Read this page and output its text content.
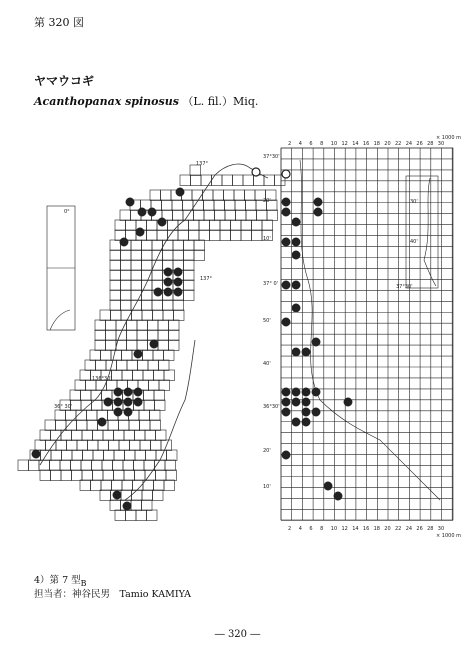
第 320 図
ヤマウコギ
Acanthopanax spinosus （L. fil.）Miq.
2 4 6 8 10 12 14 16 18 20 22 24 26 28 30
2 4 6 8 10 12 14 16 18 20 22 24 26 28 30
37°30'
20'
10'
37° 0'
50'
40'
36°30'
20'
10'
137°
136°30'
137°
36° 30'
30'
40'
37°30'
0°
× 1000 m
× 1000 m
4）第 7 型$_B$
担当者：神谷民男　Tamio KAMIYA
― 320 ―
